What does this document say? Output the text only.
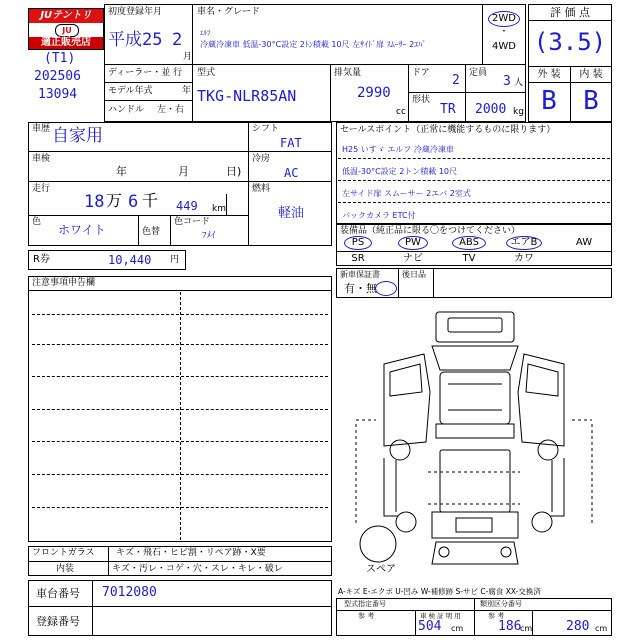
JUテントリ
JU
適正販売店
(T1)
202506
13094
初度登録年月
平成25 2
月
車名・グレード
ｴﾙﾌ
冷蔵冷凍車 低温-30°C設定 2ﾄﾝ積載 10尺 左ｻｲﾄﾞ扉 ｽﾑｰｻｰ 2ｴﾊﾞ
2WD
・
4WD
ディーラー・並 行
モデル年式	年
ハンドル 左・右
型式
TKG-NLR85AN
排気量
2990
cc
ドア 2 定員
3 人
形状
TR 2000 kg
評 価 点
(3.5)
外 装	内 装
B	B
車歴 自家用
車検
年	月	日)
走行
18 万 6 千 449 km
色
ホワイト	色替
色コード
ﾌﾒｲ
シフト
FAT
冷房
AC
燃料
軽油
R券	10,440 円
セールスポイント（正常に機能するものに限ります）
H25 いすゞ エルフ 冷蔵冷凍車
低温-30°C設定 2トン積載 10尺
左サイド扉 スムーサー 2エバ 2室式
バックカメラ ETC付
装備品（純正品に限る〇をつけてください）
PS	PW	ABS	エアB	AW
SR	ナビ	TV	カワ
新車保証書
有・無
後日品
注意事項申告欄
スペア
フロントガラス キズ・飛石・ヒビ割・リペア跡・X要
内装	キズ・汚レ・コゲ・穴・スレ・キレ・破レ
車台番号 7012080
登録番号
A-キズ E-エクボ U-凹み W-補修跡 S-サビ C-腐食 XX-交換済
型式指定番号	類別区分番号
参 考	車 検 証 明 用	参 考
504 cm	186
cm	280 cm
